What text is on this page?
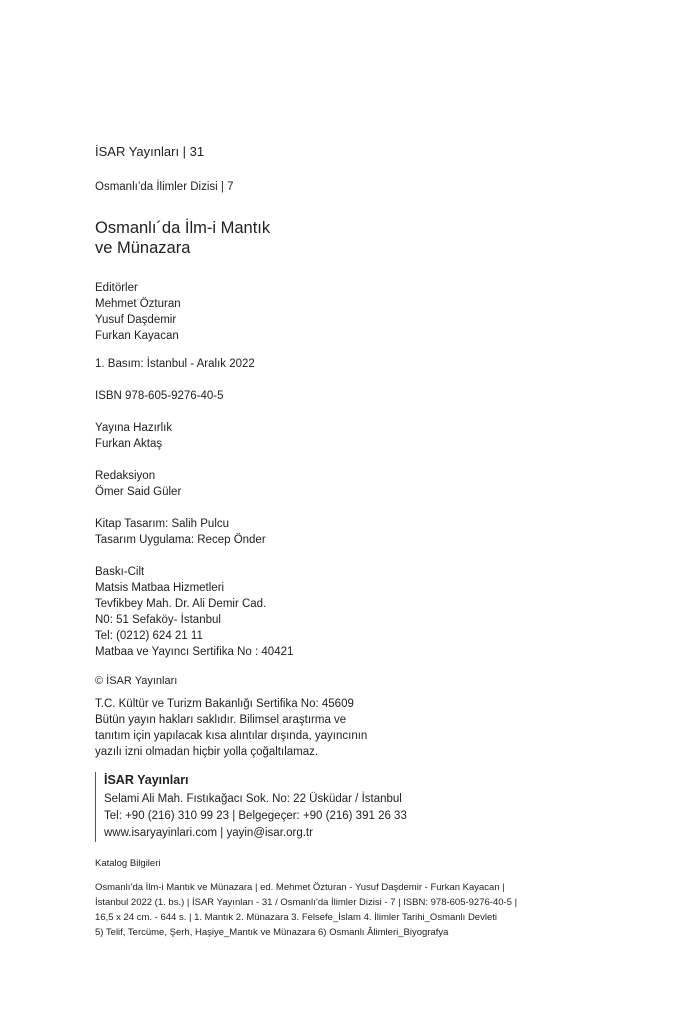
İSAR Yayınları | 31
Osmanlı’da İlimler Dizisi | 7
Osmanlı´da İlm-i Mantık
ve Münazara
Editörler
Mehmet Özturan
Yusuf Daşdemir
Furkan Kayacan
1. Basım: İstanbul - Aralık 2022
ISBN 978-605-9276-40-5
Yayına Hazırlık
Furkan Aktaş
Redaksiyon
Ömer Said Güler
Kitap Tasarım: Salih Pulcu
Tasarım Uygulama: Recep Önder
Baskı-Cilt
Matsis Matbaa Hizmetleri
Tevfikbey Mah. Dr. Ali Demir Cad.
N0: 51 Sefaköy- İstanbul
Tel: (0212) 624 21 11
Matbaa ve Yayıncı Sertifika No : 40421
© İSAR Yayınları
T.C. Kültür ve Turizm Bakanlığı Sertifika No: 45609
Bütün yayın hakları saklıdır. Bilimsel araştırma ve
tanıtım için yapılacak kısa alıntılar dışında, yayıncının
yazılı izni olmadan hiçbir yolla çoğaltılamaz.
İSAR Yayınları
Selami Ali Mah. Fıstıkağacı Sok. No: 22 Üsküdar / İstanbul
Tel: +90 (216) 310 99 23 | Belgegeçer: +90 (216) 391 26 33
www.isaryayinlari.com | yayin@isar.org.tr
Katalog Bilgileri
Osmanlı’da İlm-i Mantık ve Münazara | ed. Mehmet Özturan - Yusuf Daşdemir - Furkan Kayacan |
İstanbul 2022 (1. bs.) | İSAR Yayınları - 31 / Osmanlı’da İlimler Dizisi - 7 | ISBN: 978-605-9276-40-5 |
16,5 x 24 cm. - 644 s. | 1. Mantık 2. Münazara 3. Felsefe_İslam 4. İlimler Tarihi_Osmanlı Devleti
5) Telif, Tercüme, Şerh, Haşiye_Mantık ve Münazara 6) Osmanlı Âlimleri_Biyografya
